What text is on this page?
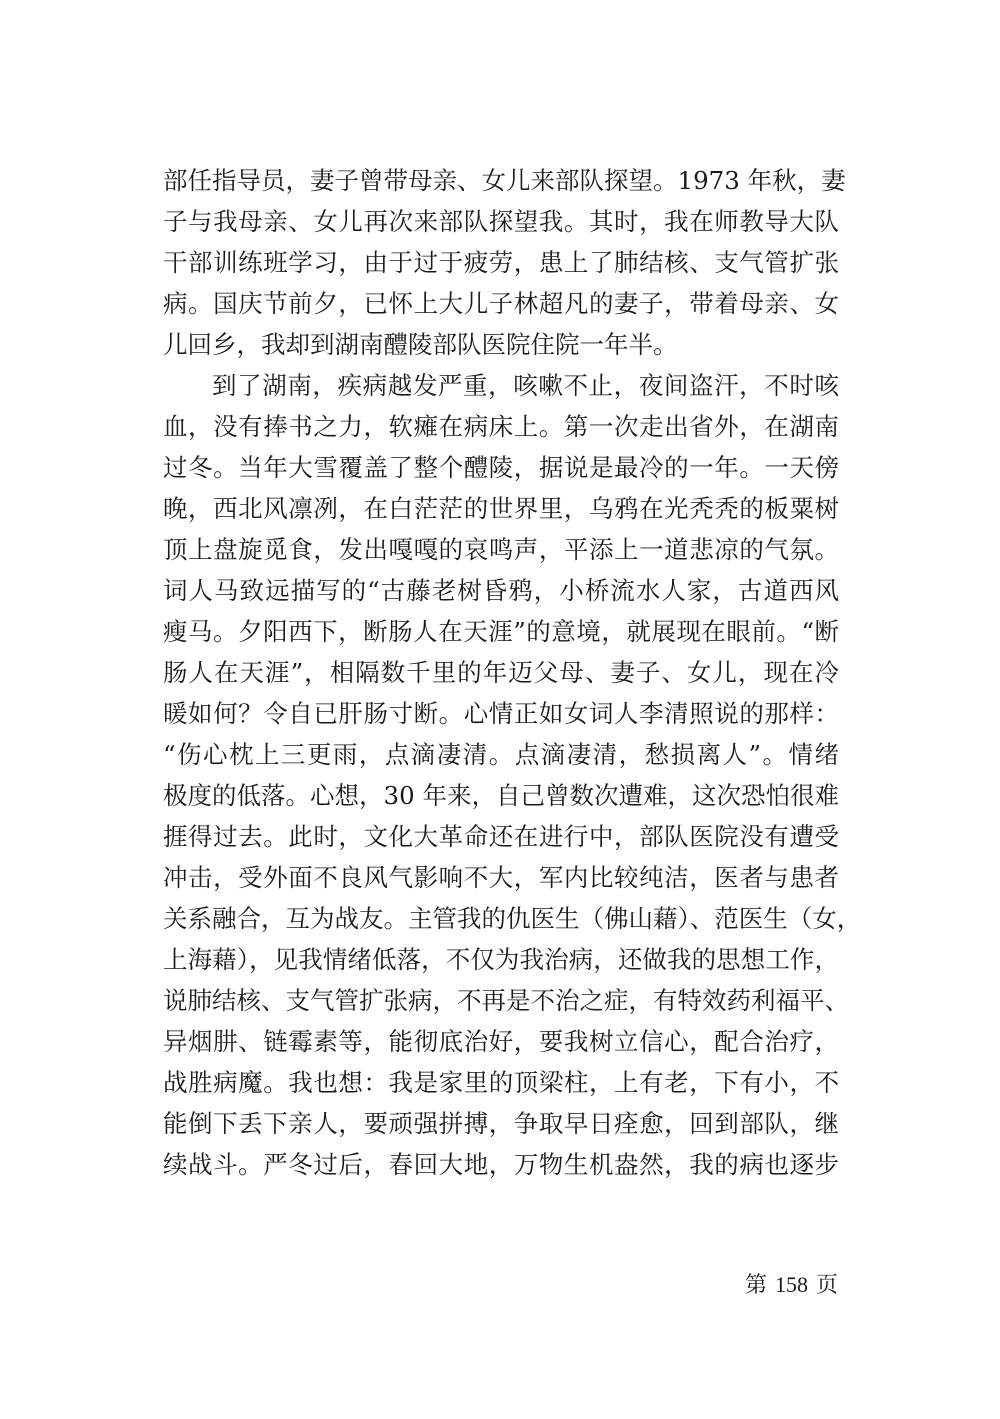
部任指导员，妻子曾带母亲、女儿来部队探望。1973 年秋，妻
子与我母亲、女儿再次来部队探望我。其时，我在师教导大队
干部训练班学习，由于过于疲劳，患上了肺结核、支气管扩张
病。国庆节前夕，已怀上大儿子林超凡的妻子，带着母亲、女
儿回乡，我却到湖南醴陵部队医院住院一年半。
到了湖南，疾病越发严重，咳嗽不止，夜间盗汗，不时咳
血，没有捧书之力，软瘫在病床上。第一次走出省外，在湖南
过冬。当年大雪覆盖了整个醴陵，据说是最冷的一年。一天傍
晚，西北风凛冽，在白茫茫的世界里，乌鸦在光秃秃的板粟树
顶上盘旋觅食，发出嘎嘎的哀鸣声，平添上一道悲凉的气氛。
词人马致远描写的“古藤老树昏鸦，小桥流水人家，古道西风
瘦马。夕阳西下，断肠人在天涯”的意境，就展现在眼前。“断
肠人在天涯”，相隔数千里的年迈父母、妻子、女儿，现在冷
暖如何？令自已肝肠寸断。心情正如女词人李清照说的那样：
“伤心枕上三更雨，点滴凄清。点滴凄清，愁损离人”。情绪
极度的低落。心想，30 年来，自己曾数次遭难，这次恐怕很难
捱得过去。此时，文化大革命还在进行中，部队医院没有遭受
冲击，受外面不良风气影响不大，军内比较纯洁，医者与患者
关系融合，互为战友。主管我的仇医生（佛山藉）、范医生（女，
上海藉），见我情绪低落，不仅为我治病，还做我的思想工作，
说肺结核、支气管扩张病，不再是不治之症，有特效药利福平、
异烟肼、链霉素等，能彻底治好，要我树立信心，配合治疗，
战胜病魔。我也想：我是家里的顶梁柱，上有老，下有小，不
能倒下丢下亲人，要顽强拼搏，争取早日痊愈，回到部队，继
续战斗。严冬过后，春回大地，万物生机盎然，我的病也逐步
第 158 页
